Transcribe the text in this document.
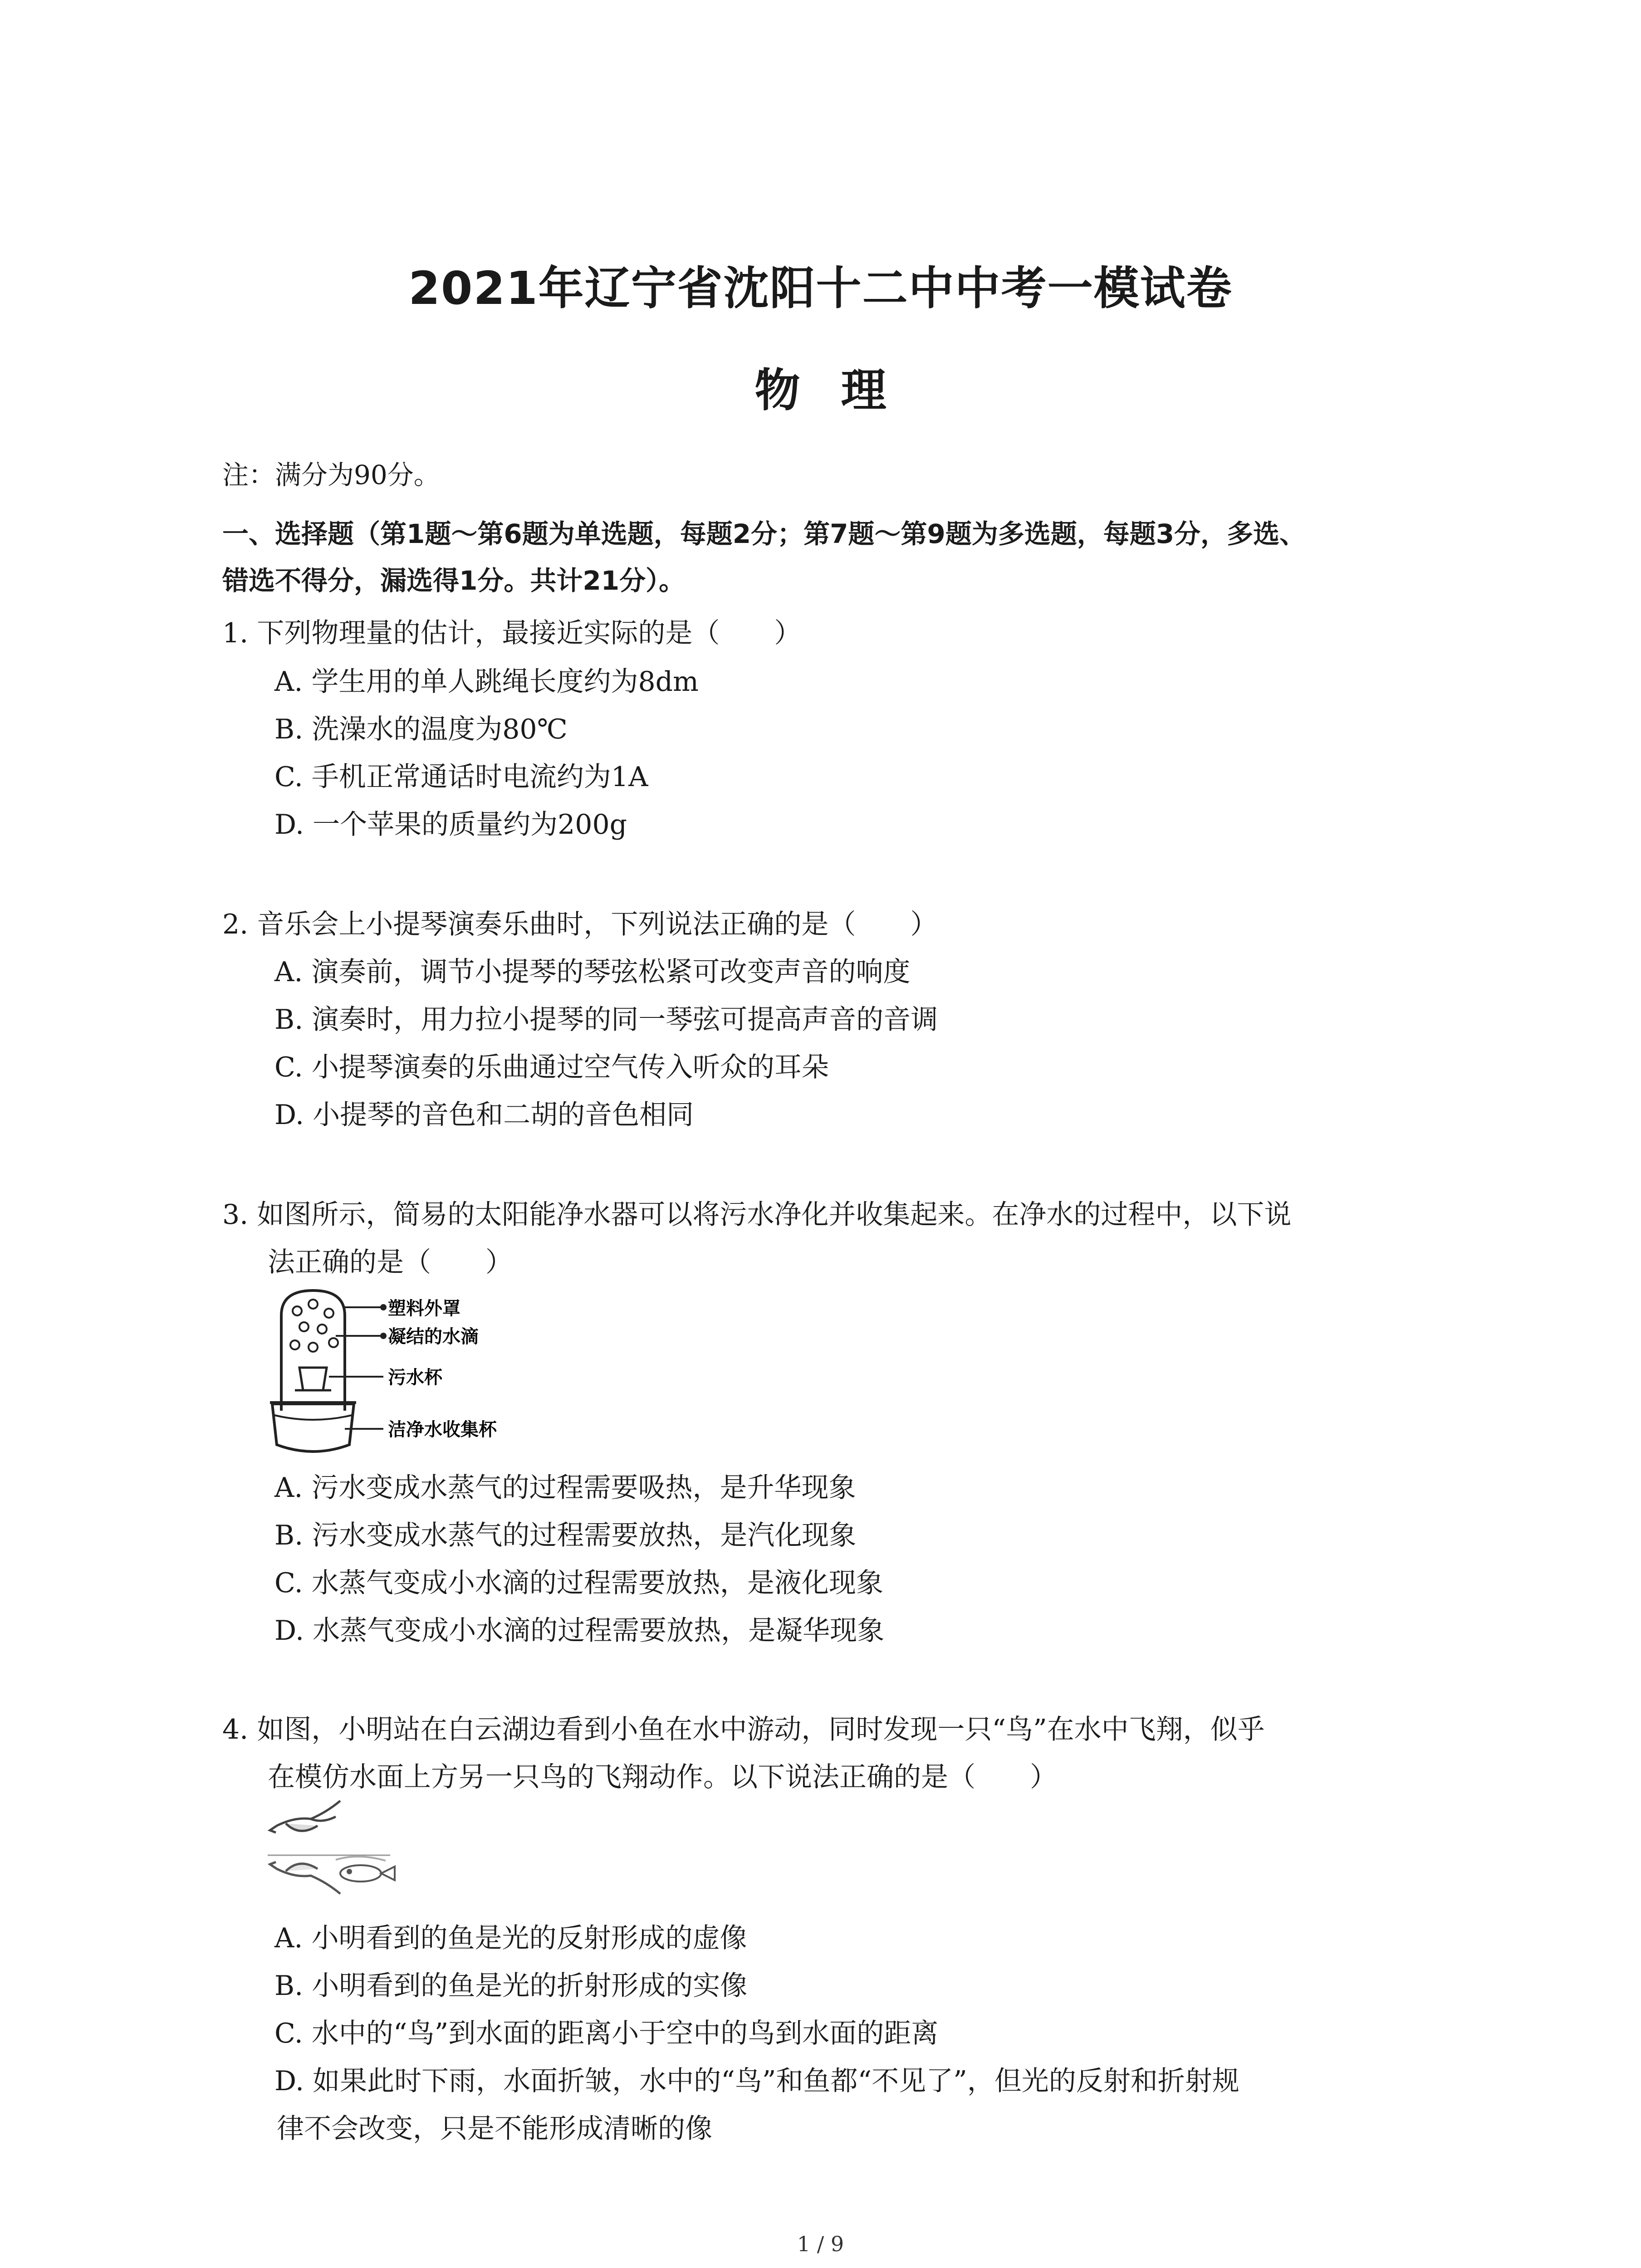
2021年辽宁省沈阳十二中中考一模试卷
物理
注：满分为90分。
一、选择题（第1题～第6题为单选题，每题2分；第7题～第9题为多选题，每题3分，多选、
错选不得分，漏选得1分。共计21分）。
1. 下列物理量的估计，最接近实际的是（　　）
A. 学生用的单人跳绳长度约为8dm
B. 洗澡水的温度为80℃
C. 手机正常通话时电流约为1A
D. 一个苹果的质量约为200g
2. 音乐会上小提琴演奏乐曲时，下列说法正确的是（　　）
A. 演奏前，调节小提琴的琴弦松紧可改变声音的响度
B. 演奏时，用力拉小提琴的同一琴弦可提高声音的音调
C. 小提琴演奏的乐曲通过空气传入听众的耳朵
D. 小提琴的音色和二胡的音色相同
3. 如图所示，简易的太阳能净水器可以将污水净化并收集起来。在净水的过程中，以下说
法正确的是（　　）
塑料外罩
凝结的水滴
污水杯
洁净水收集杯
A. 污水变成水蒸气的过程需要吸热，是升华现象
B. 污水变成水蒸气的过程需要放热，是汽化现象
C. 水蒸气变成小水滴的过程需要放热，是液化现象
D. 水蒸气变成小水滴的过程需要放热，是凝华现象
4. 如图，小明站在白云湖边看到小鱼在水中游动，同时发现一只“鸟”在水中飞翔，似乎
在模仿水面上方另一只鸟的飞翔动作。以下说法正确的是（　　）
A. 小明看到的鱼是光的反射形成的虚像
B. 小明看到的鱼是光的折射形成的实像
C. 水中的“鸟”到水面的距离小于空中的鸟到水面的距离
D. 如果此时下雨，水面折皱，水中的“鸟”和鱼都“不见了”，但光的反射和折射规
律不会改变，只是不能形成清晰的像
1 / 9
